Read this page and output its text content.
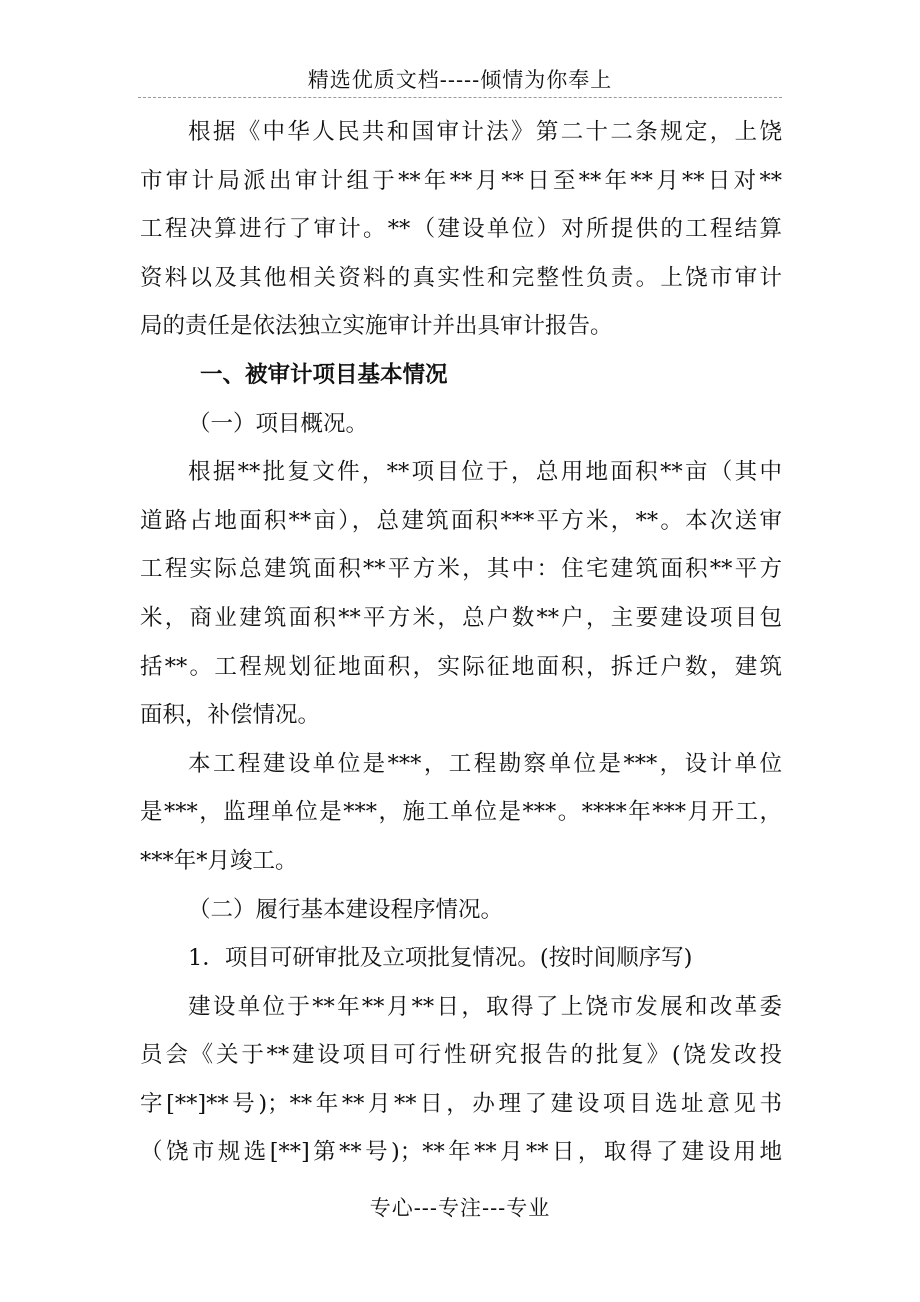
精选优质文档-----倾情为你奉上
根据《中华人民共和国审计法》第二十二条规定，上饶
市审计局派出审计组于**年**月**日至**年**月**日对**
工程决算进行了审计。**（建设单位）对所提供的工程结算
资料以及其他相关资料的真实性和完整性负责。上饶市审计
局的责任是依法独立实施审计并出具审计报告。
一、被审计项目基本情况
（一）项目概况。
根据**批复文件，**项目位于，总用地面积**亩（其中
道路占地面积**亩），总建筑面积***平方米，**。本次送审
工程实际总建筑面积**平方米，其中：住宅建筑面积**平方
米，商业建筑面积**平方米，总户数**户，主要建设项目包
括**。工程规划征地面积，实际征地面积，拆迁户数，建筑
面积，补偿情况。
本工程建设单位是***，工程勘察单位是***，设计单位
是***，监理单位是***，施工单位是***。****年***月开工，
***年*月竣工。
（二）履行基本建设程序情况。
1．项目可研审批及立项批复情况。(按时间顺序写)
建设单位于**年**月**日，取得了上饶市发展和改革委
员会《关于**建设项目可行性研究报告的批复》(饶发改投
字[**]**号)；**年**月**日，办理了建设项目选址意见书
（饶市规选[**]第**号)；**年**月**日，取得了建设用地
专心---专注---专业
